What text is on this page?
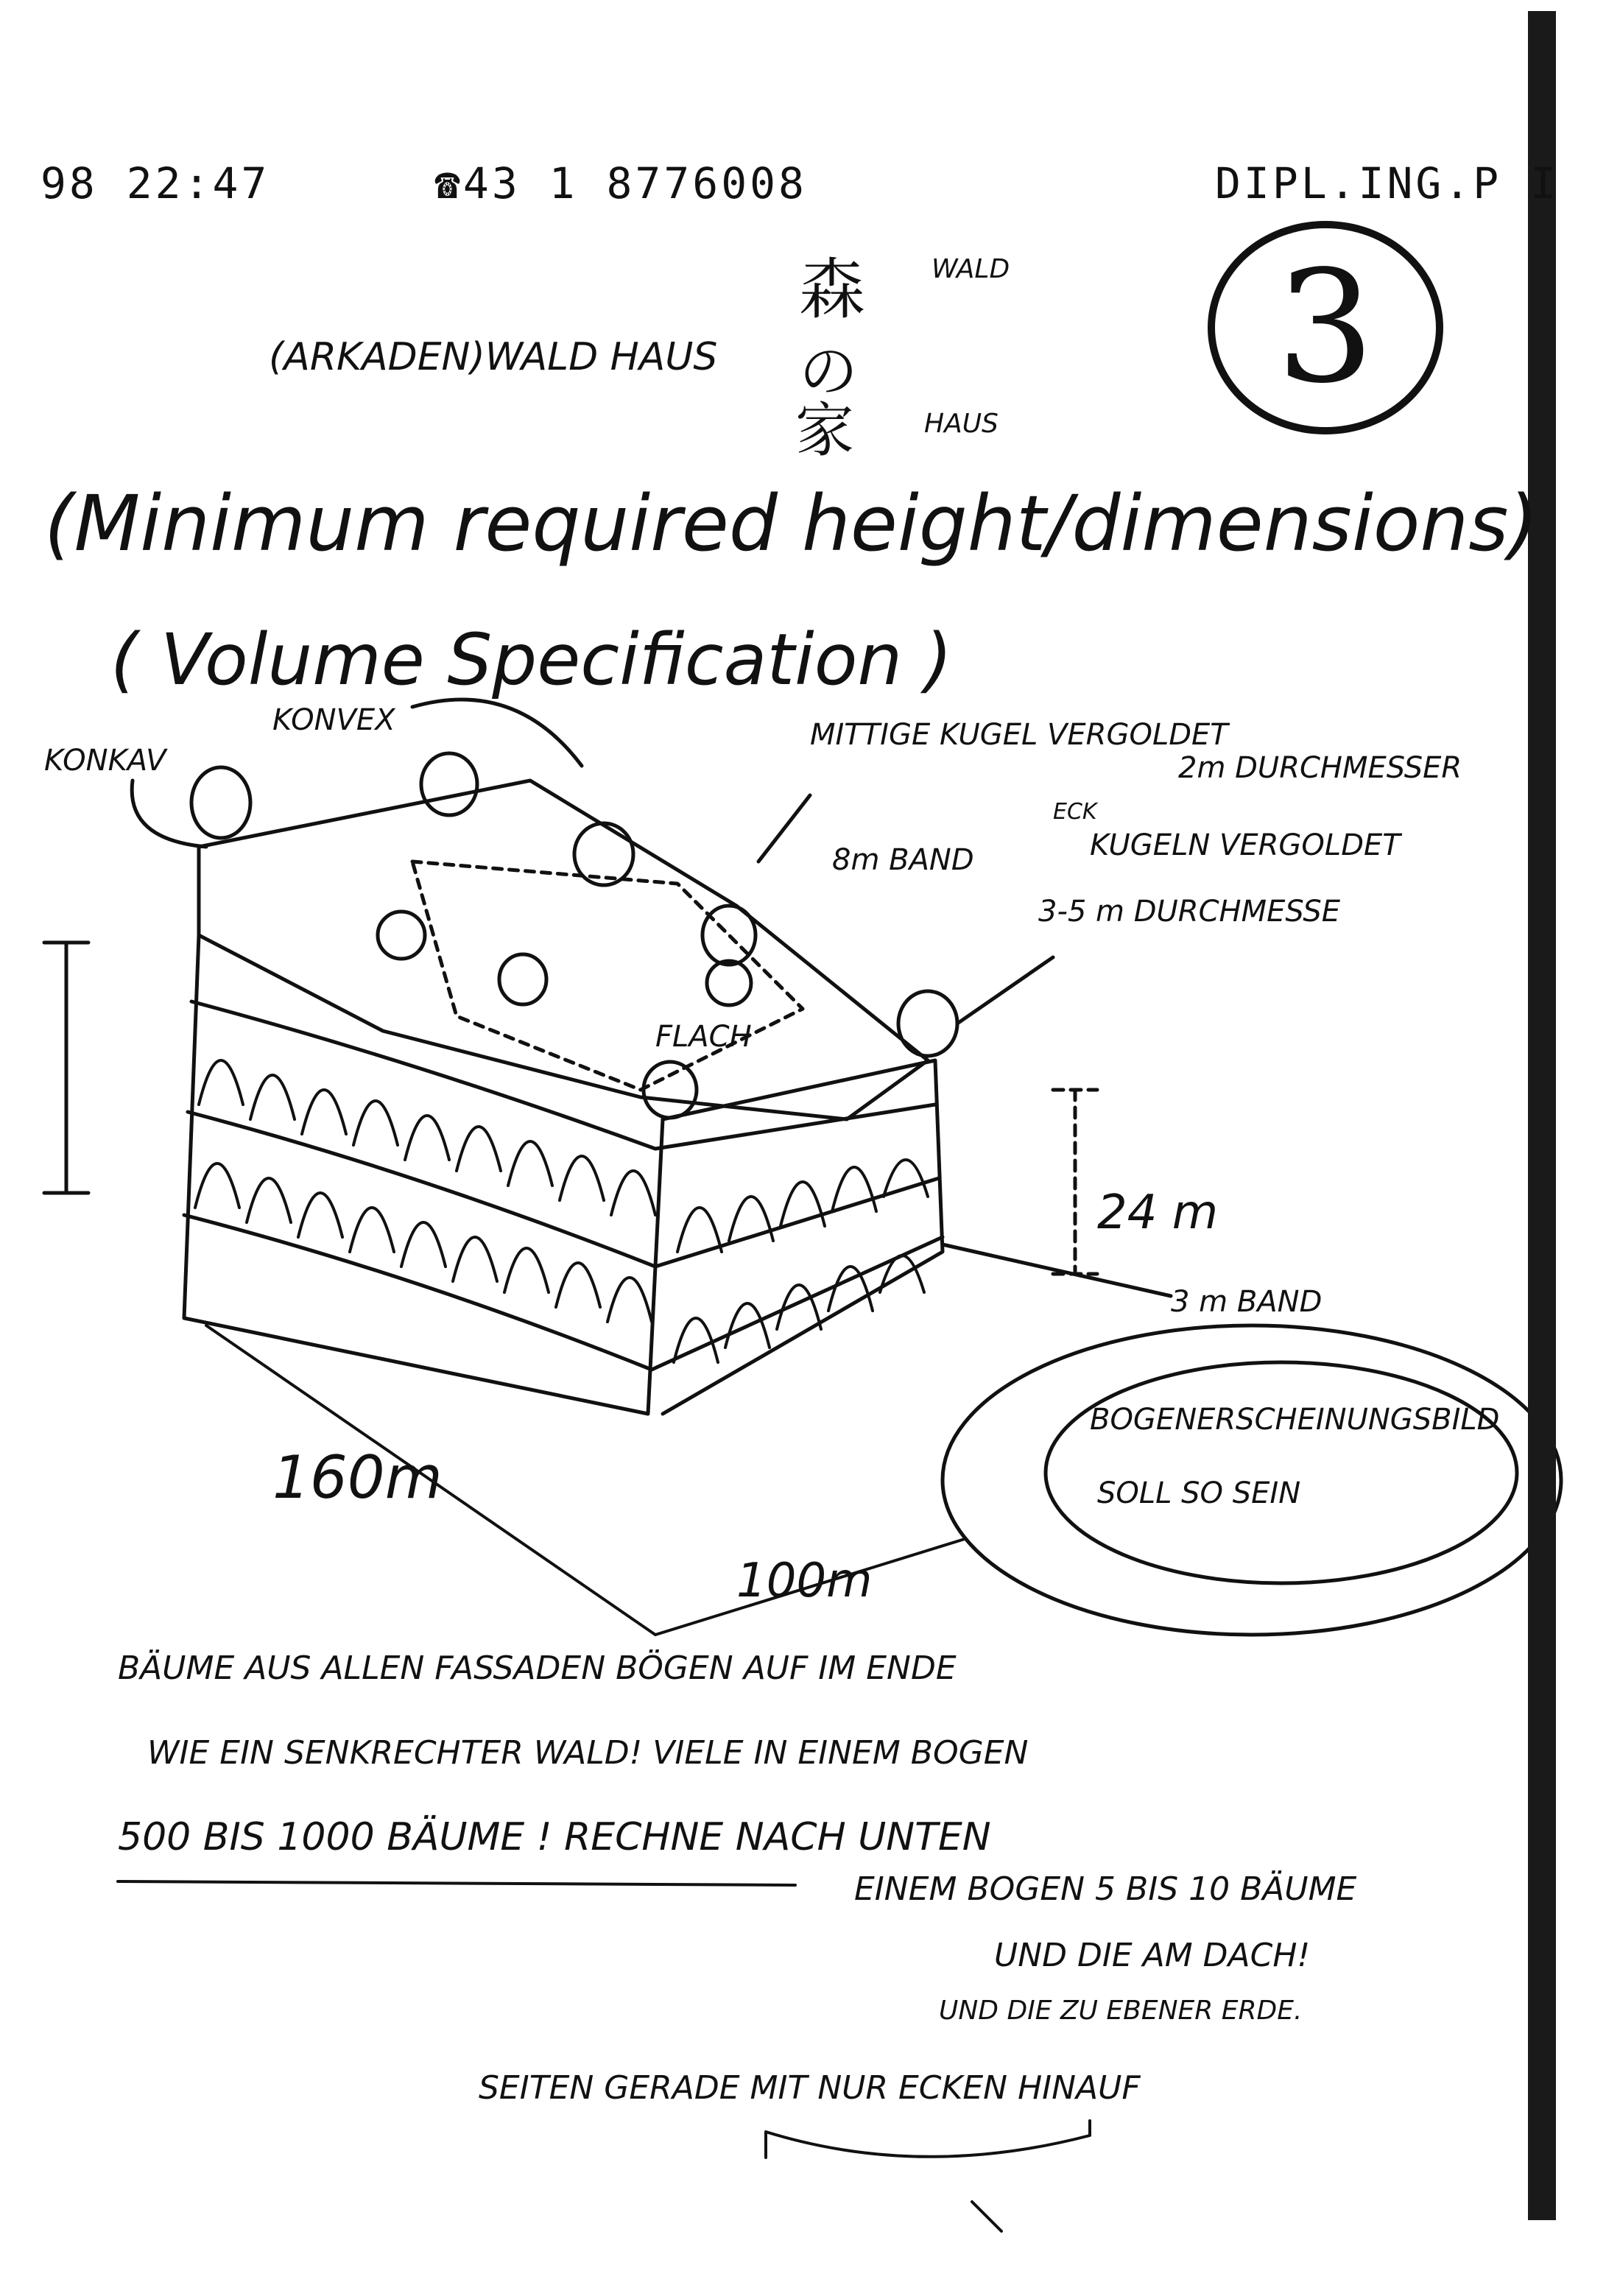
98 22:47	☎43 1 8776008	DIPL.ING.P I
3
森
の
家
WALD
HAUS
(ARKADEN)WALD HAUS
(Minimum required height/dimensions)
( Volume Specification )
KONKAV
KONVEX	MITTIGE KUGEL VERGOLDET
2m DURCHMESSER
8m BAND
ECK
KUGELN VERGOLDET
3-5 m DURCHMESSE
FLACH
24 m
3 m BAND
160m
100m
BOGENERSCHEINUNGSBILD
SOLL SO SEIN
BÄUME AUS ALLEN FASSADEN BÖGEN AUF IM ENDE
WIE EIN SENKRECHTER WALD! VIELE IN EINEM BOGEN
500 BIS 1000 BÄUME ! RECHNE NACH UNTEN
EINEM BOGEN 5 BIS 10 BÄUME
UND DIE AM DACH!
UND DIE ZU EBENER ERDE.
SEITEN GERADE MIT NUR ECKEN HINAUF
